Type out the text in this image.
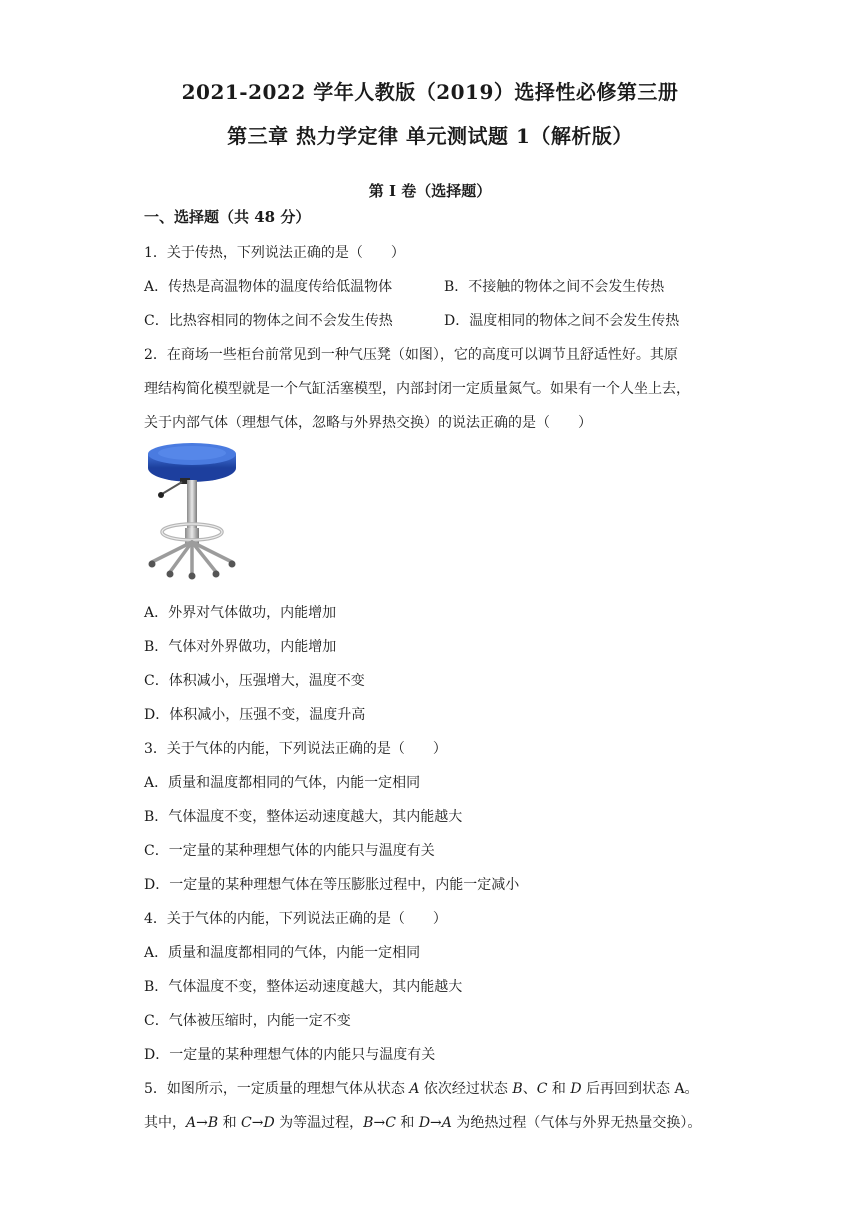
2021-2022 学年人教版（2019）选择性必修第三册
第三章 热力学定律 单元测试题 1（解析版）
第 I 卷（选择题）
一、选择题（共 48 分）
1．关于传热，下列说法正确的是（　　）
A．传热是高温物体的温度传给低温物体	B．不接触的物体之间不会发生传热
C．比热容相同的物体之间不会发生传热	D．温度相同的物体之间不会发生传热
2．在商场一些柜台前常见到一种气压凳（如图），它的高度可以调节且舒适性好。其原
理结构简化模型就是一个气缸活塞模型，内部封闭一定质量氮气。如果有一个人坐上去，
关于内部气体（理想气体，忽略与外界热交换）的说法正确的是（　　）
A．外界对气体做功，内能增加
B．气体对外界做功，内能增加
C．体积减小，压强增大，温度不变
D．体积减小，压强不变，温度升高
3．关于气体的内能，下列说法正确的是（　　）
A．质量和温度都相同的气体，内能一定相同
B．气体温度不变，整体运动速度越大，其内能越大
C．一定量的某种理想气体的内能只与温度有关
D．一定量的某种理想气体在等压膨胀过程中，内能一定减小
4．关于气体的内能，下列说法正确的是（　　）
A．质量和温度都相同的气体，内能一定相同
B．气体温度不变，整体运动速度越大，其内能越大
C．气体被压缩时，内能一定不变
D．一定量的某种理想气体的内能只与温度有关
5．如图所示，一定质量的理想气体从状态 A 依次经过状态 B、C 和 D 后再回到状态 A。
其中，A→B 和 C→D 为等温过程，B→C 和 D→A 为绝热过程（气体与外界无热量交换）。
